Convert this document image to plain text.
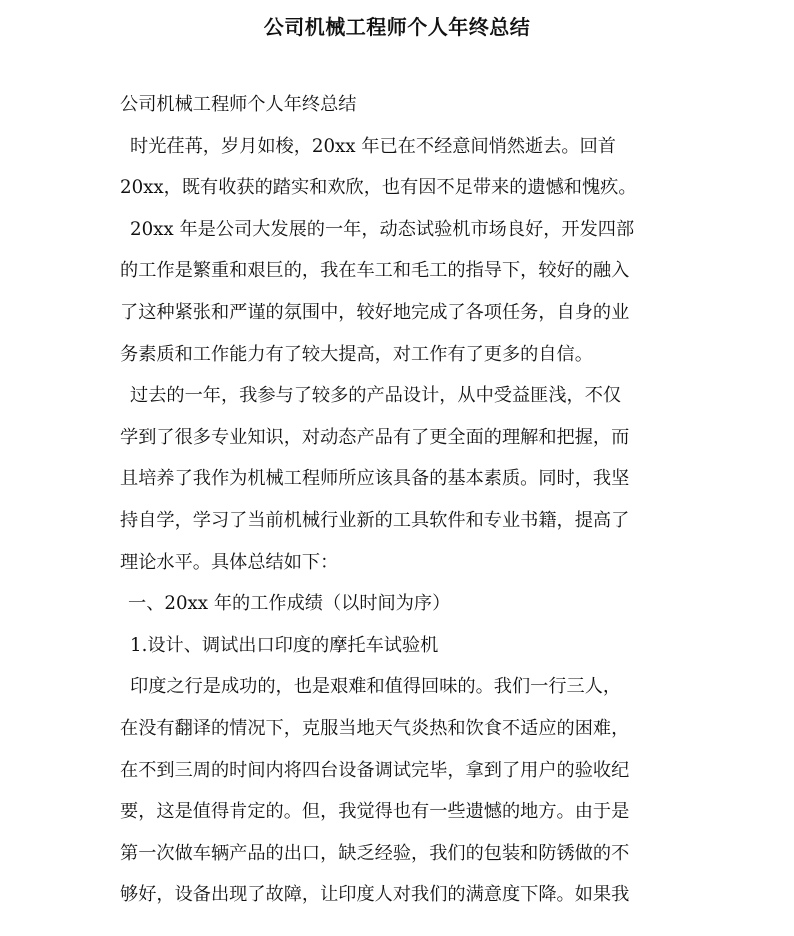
公司机械工程师个人年终总结
公司机械工程师个人年终总结
时光荏苒，岁月如梭，20xx 年已在不经意间悄然逝去。回首
20xx，既有收获的踏实和欢欣，也有因不足带来的遗憾和愧疚。
20xx 年是公司大发展的一年，动态试验机市场良好，开发四部
的工作是繁重和艰巨的，我在车工和毛工的指导下，较好的融入
了这种紧张和严谨的氛围中，较好地完成了各项任务，自身的业
务素质和工作能力有了较大提高，对工作有了更多的自信。
过去的一年，我参与了较多的产品设计，从中受益匪浅，不仅
学到了很多专业知识，对动态产品有了更全面的理解和把握，而
且培养了我作为机械工程师所应该具备的基本素质。同时，我坚
持自学，学习了当前机械行业新的工具软件和专业书籍，提高了
理论水平。具体总结如下：
一、20xx 年的工作成绩（以时间为序）
1.设计、调试出口印度的摩托车试验机
印度之行是成功的，也是艰难和值得回味的。我们一行三人，
在没有翻译的情况下，克服当地天气炎热和饮食不适应的困难，
在不到三周的时间内将四台设备调试完毕，拿到了用户的验收纪
要，这是值得肯定的。但，我觉得也有一些遗憾的地方。由于是
第一次做车辆产品的出口，缺乏经验，我们的包装和防锈做的不
够好，设备出现了故障，让印度人对我们的满意度下降。如果我
